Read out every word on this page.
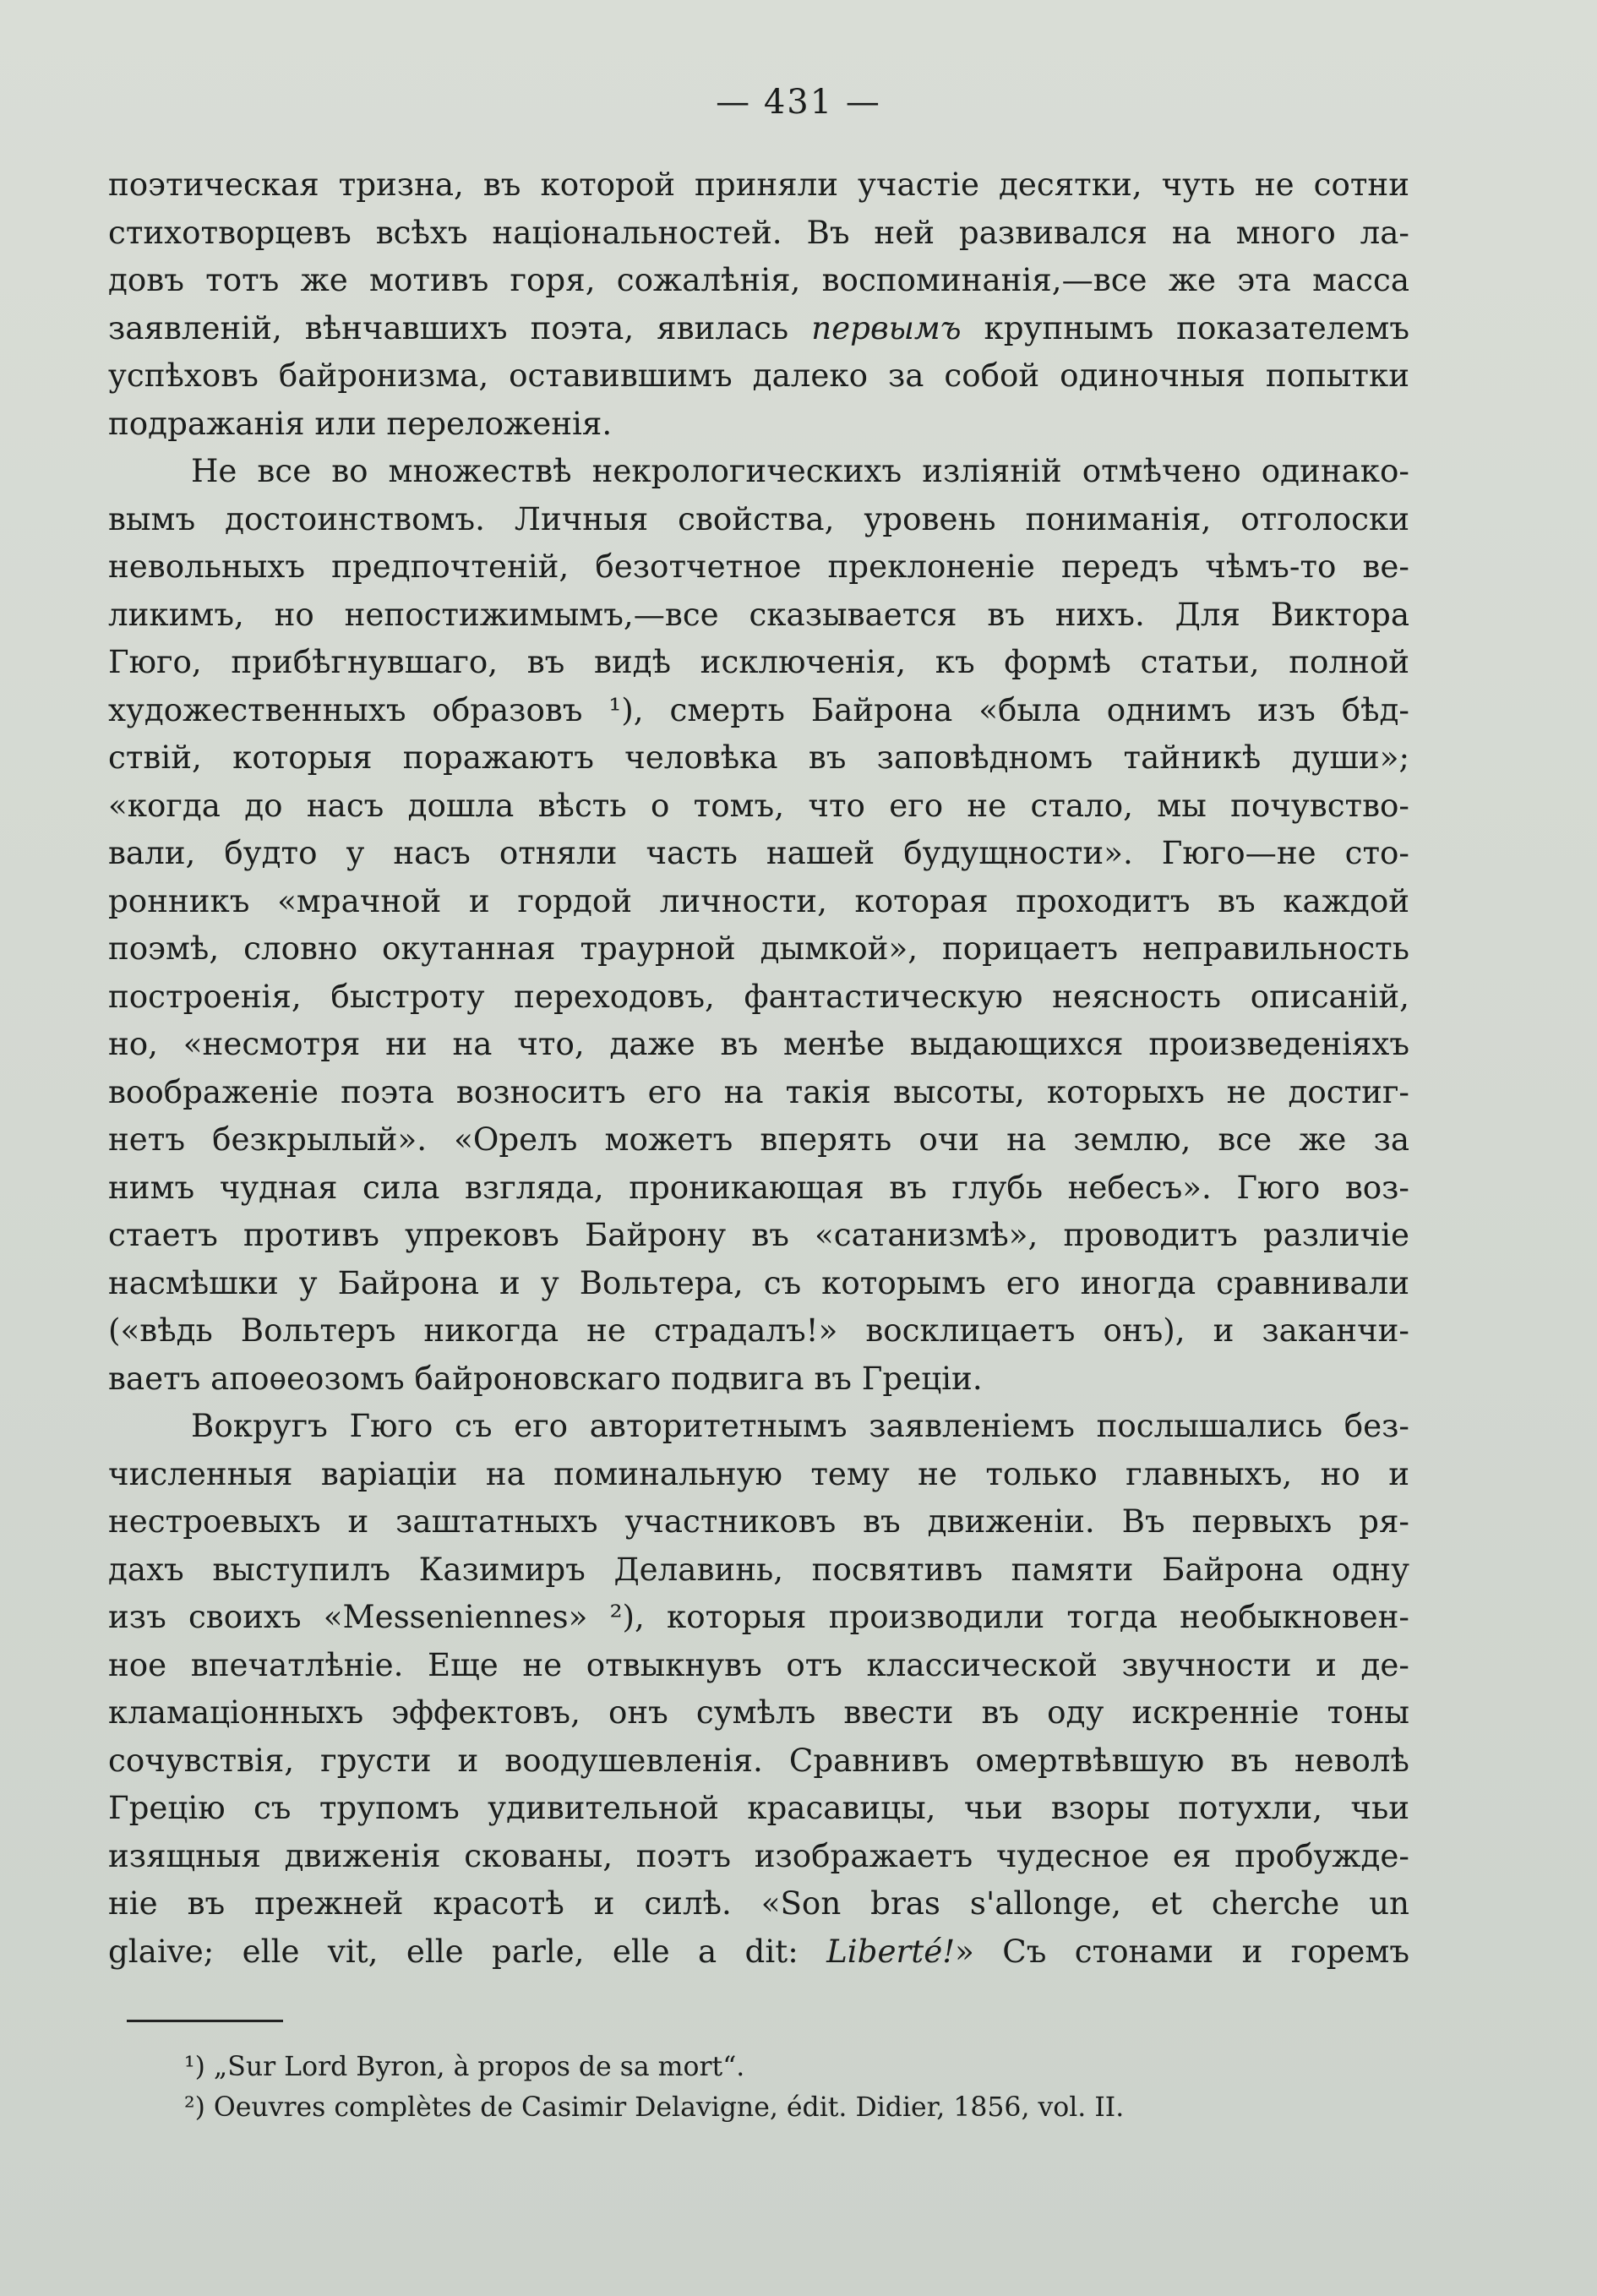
— 431 —

поэтическая тризна, въ которой приняли участіе десятки, чуть не сотни
стихотворцевъ всѣхъ національностей. Въ ней развивался на много ла-
довъ тотъ же мотивъ горя, сожалѣнія, воспоминанія,—все же эта масса
заявленій, вѣнчавшихъ поэта, явилась первымъ крупнымъ показателемъ
успѣховъ байронизма, оставившимъ далеко за собой одиночныя попытки
подражанія или переложенія.

Не все во множествѣ некрологическихъ изліяній отмѣчено одинако-
вымъ достоинствомъ. Личныя свойства, уровень пониманія, отголоски
невольныхъ предпочтеній, безотчетное преклоненіе передъ чѣмъ-то ве-
ликимъ, но непостижимымъ,—все сказывается въ нихъ. Для Виктора
Гюго, прибѣгнувшаго, въ видѣ исключенія, къ формѣ статьи, полной
художественныхъ образовъ ¹), смерть Байрона «была однимъ изъ бѣд-
ствій, которыя поражаютъ человѣка въ заповѣдномъ тайникѣ души»;
«когда до насъ дошла вѣсть о томъ, что его не стало, мы почувство-
вали, будто у насъ отняли часть нашей будущности». Гюго—не сто-
ронникъ «мрачной и гордой личности, которая проходитъ въ каждой
поэмѣ, словно окутанная траурной дымкой», порицаетъ неправильность
построенія, быстроту переходовъ, фантастическую неясность описаній,
но, «несмотря ни на что, даже въ менѣе выдающихся произведеніяхъ
воображеніе поэта возноситъ его на такія высоты, которыхъ не достиг-
нетъ безкрылый». «Орелъ можетъ вперять очи на землю, все же за
нимъ чудная сила взгляда, проникающая въ глубь небесъ». Гюго воз-
стаетъ противъ упрековъ Байрону въ «сатанизмѣ», проводитъ различіе
насмѣшки у Байрона и у Вольтера, съ которымъ его иногда сравнивали
(«вѣдь Вольтеръ никогда не страдалъ!» восклицаетъ онъ), и заканчи-
ваетъ апоѳеозомъ байроновскаго подвига въ Греціи.

Вокругъ Гюго съ его авторитетнымъ заявленіемъ послышались без-
численныя варіаціи на поминальную тему не только главныхъ, но и
нестроевыхъ и заштатныхъ участниковъ въ движеніи. Въ первыхъ ря-
дахъ выступилъ Казимиръ Делавинь, посвятивъ памяти Байрона одну
изъ своихъ «Messeniennes» ²), которыя производили тогда необыкновен-
ное впечатлѣніе. Еще не отвыкнувъ отъ классической звучности и де-
кламаціонныхъ эффектовъ, онъ сумѣлъ ввести въ оду искренніе тоны
сочувствія, грусти и воодушевленія. Сравнивъ омертвѣвшую въ неволѣ
Грецію съ трупомъ удивительной красавицы, чьи взоры потухли, чьи
изящныя движенія скованы, поэтъ изображаетъ чудесное ея пробужде-
ніе въ прежней красотѣ и силѣ. «Son bras s'allonge, et cherche un
glaive; elle vit, elle parle, elle a dit: Liberté!» Съ стонами и горемъ

¹) „Sur Lord Byron, à propos de sa mort“.
²) Oeuvres complètes de Casimir Delavigne, édit. Didier, 1856, vol. II.
